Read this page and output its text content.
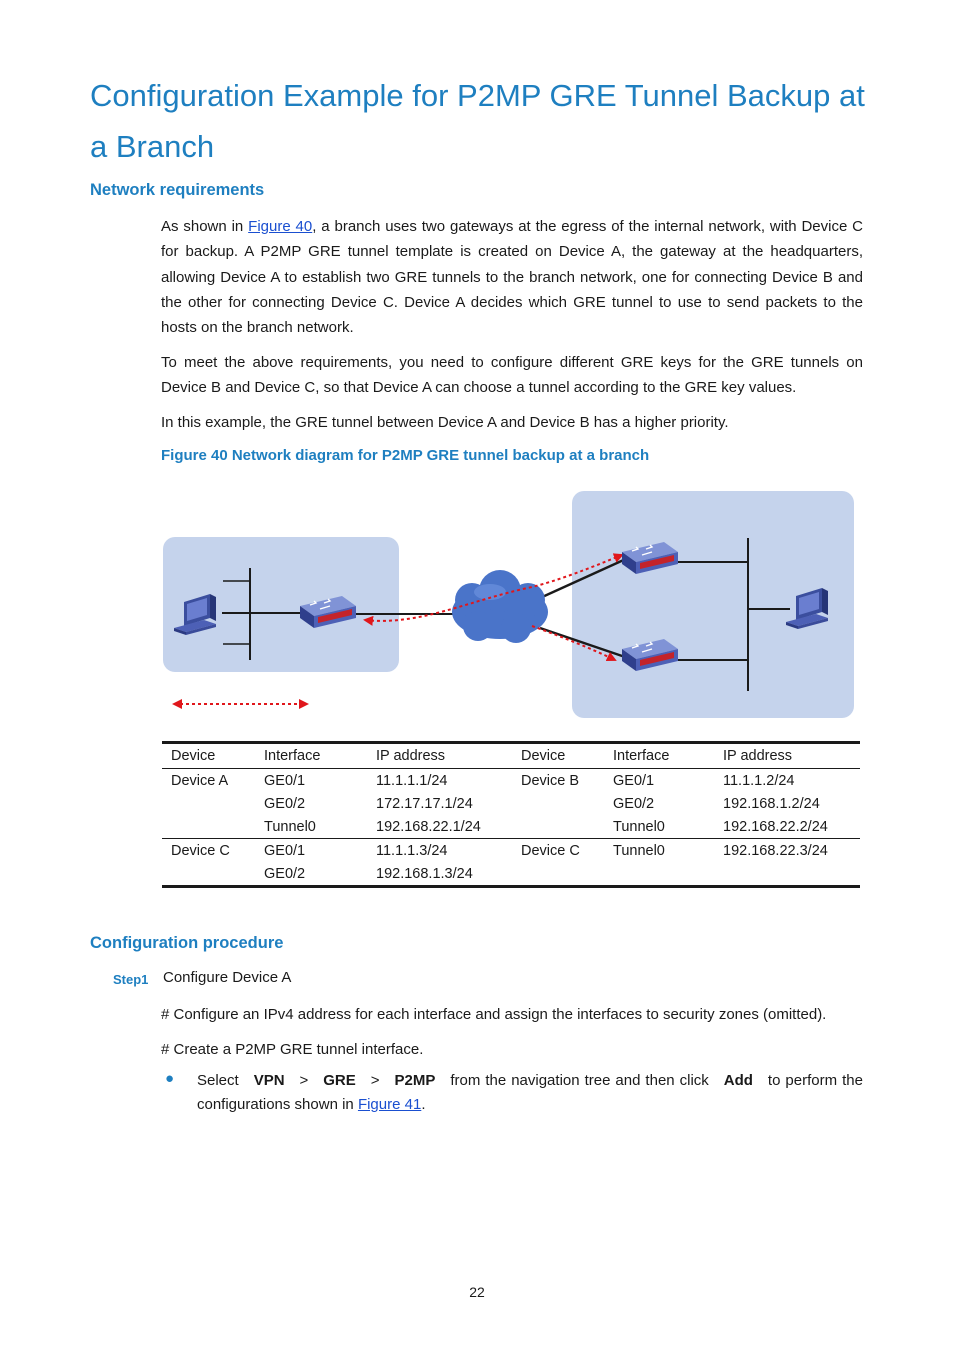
Configuration Example for P2MP GRE Tunnel Backup at a Branch
Network requirements
As shown in Figure 40, a branch uses two gateways at the egress of the internal network, with Device C for backup. A P2MP GRE tunnel template is created on Device A, the gateway at the headquarters, allowing Device A to establish two GRE tunnels to the branch network, one for connecting Device B and the other for connecting Device C. Device A decides which GRE tunnel to use to send packets to the hosts on the branch network.
To meet the above requirements, you need to configure different GRE keys for the GRE tunnels on Device B and Device C, so that Device A can choose a tunnel according to the GRE key values.
In this example, the GRE tunnel between Device A and Device B has a higher priority.
Figure 40 Network diagram for P2MP GRE tunnel backup at a branch
Device	Interface	IP address	Device	Interface	IP address
Device A	GE0/1	11.1.1.1/24	Device B	GE0/1	11.1.1.2/24
	GE0/2	172.17.17.1/24		GE0/2	192.168.1.2/24
	Tunnel0	192.168.22.1/24		Tunnel0	192.168.22.2/24
Device C	GE0/1	11.1.1.3/24	Device C	Tunnel0	192.168.22.3/24
	GE0/2	192.168.1.3/24			
Configuration procedure
Step1 Configure Device A
# Configure an IPv4 address for each interface and assign the interfaces to security zones (omitted).
# Create a P2MP GRE tunnel interface.
● Select VPN > GRE > P2MP from the navigation tree and then click Add to perform the configurations shown in Figure 41.
22
